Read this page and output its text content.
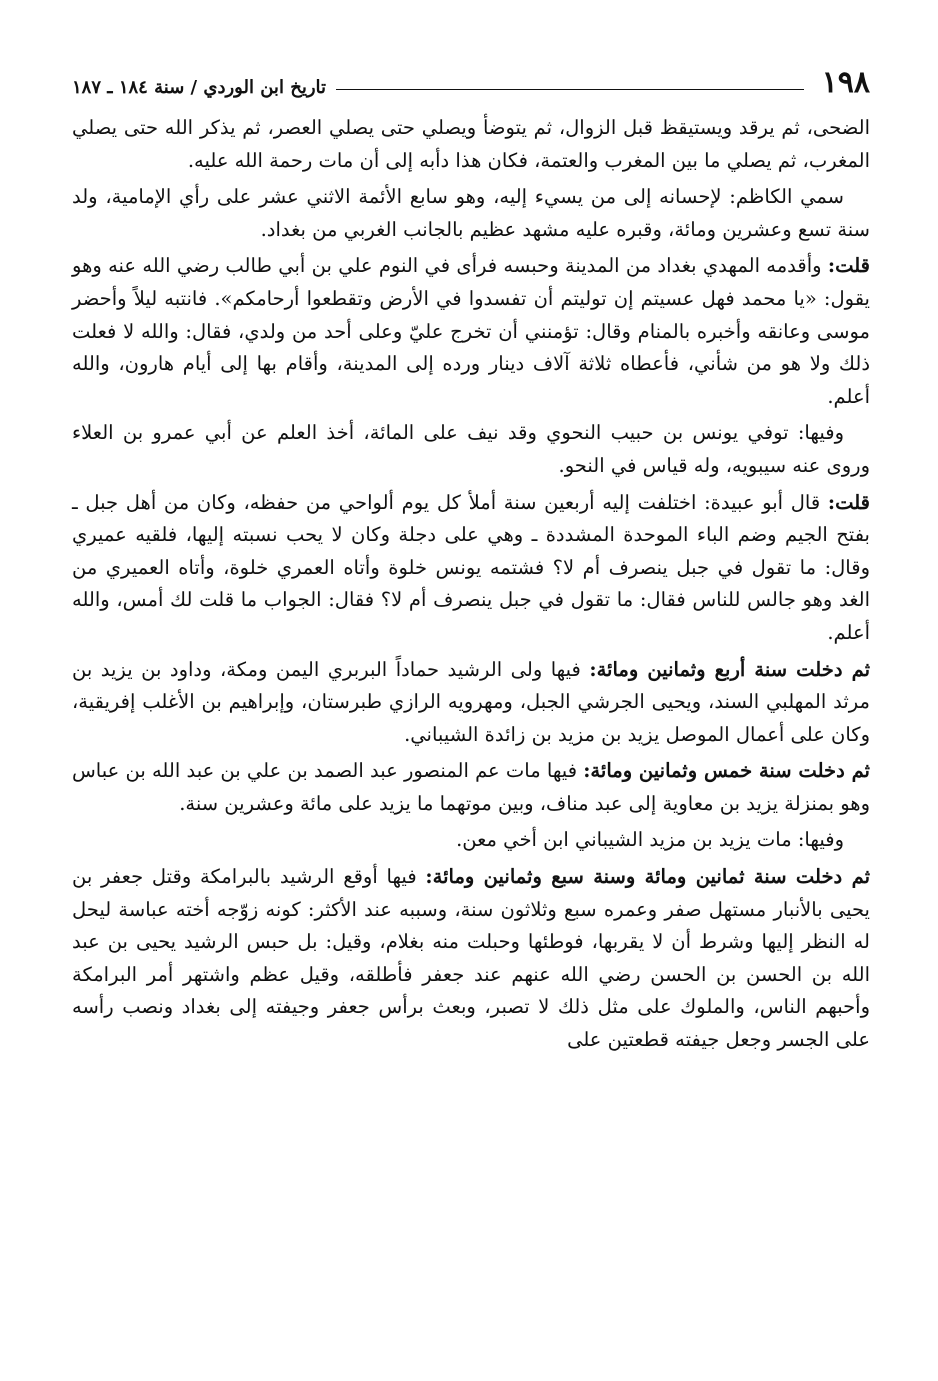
١٩٨
تاريخ ابن الوردي / سنة ١٨٤ ـ ١٨٧

الضحى، ثم يرقد ويستيقظ قبل الزوال، ثم يتوضأ ويصلي حتى يصلي العصر، ثم يذكر الله حتى يصلي المغرب، ثم يصلي ما بين المغرب والعتمة، فكان هذا دأبه إلى أن مات رحمة الله عليه.

سمي الكاظم: لإحسانه إلى من يسيء إليه، وهو سابع الأئمة الاثني عشر على رأي الإمامية، ولد سنة تسع وعشرين ومائة، وقبره عليه مشهد عظيم بالجانب الغربي من بغداد.

قلت: وأقدمه المهدي بغداد من المدينة وحبسه فرأى في النوم علي بن أبي طالب رضي الله عنه وهو يقول: «يا محمد فهل عسيتم إن توليتم أن تفسدوا في الأرض وتقطعوا أرحامكم». فانتبه ليلاً وأحضر موسى وعانقه وأخبره بالمنام وقال: تؤمنني أن تخرج عليّ وعلى أحد من ولدي، فقال: والله لا فعلت ذلك ولا هو من شأني، فأعطاه ثلاثة آلاف دينار ورده إلى المدينة، وأقام بها إلى أيام هارون، والله أعلم.

وفيها: توفي يونس بن حبيب النحوي وقد نيف على المائة، أخذ العلم عن أبي عمرو بن العلاء وروى عنه سيبويه، وله قياس في النحو.

قلت: قال أبو عبيدة: اختلفت إليه أربعين سنة أملأ كل يوم ألواحي من حفظه، وكان من أهل جبل ـ بفتح الجيم وضم الباء الموحدة المشددة ـ وهي على دجلة وكان لا يحب نسبته إليها، فلقيه عميري وقال: ما تقول في جبل ينصرف أم لا؟ فشتمه يونس خلوة وأتاه العمري خلوة، وأتاه العميري من الغد وهو جالس للناس فقال: ما تقول في جبل ينصرف أم لا؟ فقال: الجواب ما قلت لك أمس، والله أعلم.

ثم دخلت سنة أربع وثمانين ومائة: فيها ولى الرشيد حماداً البربري اليمن ومكة، وداود بن يزيد بن مرثد المهلبي السند، ويحيى الجرشي الجبل، ومهرويه الرازي طبرستان، وإبراهيم بن الأغلب إفريقية، وكان على أعمال الموصل يزيد بن مزيد بن زائدة الشيباني.

ثم دخلت سنة خمس وثمانين ومائة: فيها مات عم المنصور عبد الصمد بن علي بن عبد الله بن عباس وهو بمنزلة يزيد بن معاوية إلى عبد مناف، وبين موتهما ما يزيد على مائة وعشرين سنة.

وفيها: مات يزيد بن مزيد الشيباني ابن أخي معن.

ثم دخلت سنة ثمانين ومائة وسنة سبع وثمانين ومائة: فيها أوقع الرشيد بالبرامكة وقتل جعفر بن يحيى بالأنبار مستهل صفر وعمره سبع وثلاثون سنة، وسببه عند الأكثر: كونه زوّجه أخته عباسة ليحل له النظر إليها وشرط أن لا يقربها، فوطئها وحبلت منه بغلام، وقيل: بل حبس الرشيد يحيى بن عبد الله بن الحسن بن الحسن رضي الله عنهم عند جعفر فأطلقه، وقيل عظم واشتهر أمر البرامكة وأحبهم الناس، والملوك على مثل ذلك لا تصبر، وبعث برأس جعفر وجيفته إلى بغداد ونصب رأسه على الجسر وجعل جيفته قطعتين على
